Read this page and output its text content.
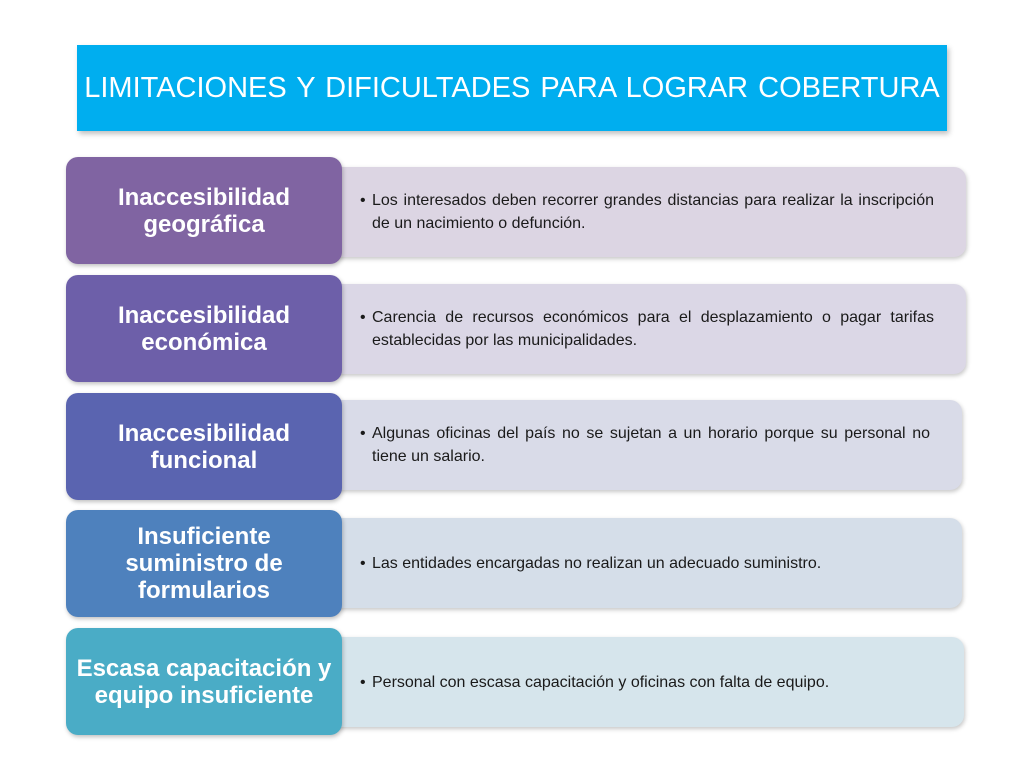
LIMITACIONES Y DIFICULTADES PARA LOGRAR COBERTURA
• Los interesados deben recorrer grandes distancias para realizar la inscripción de un nacimiento o defunción.
Inaccesibilidad geográfica
• Carencia de recursos económicos para el desplazamiento o pagar tarifas establecidas por las municipalidades.
Inaccesibilidad económica
• Algunas oficinas del país no se sujetan a un horario porque su personal no tiene un salario.
Inaccesibilidad funcional
• Las entidades encargadas no realizan un adecuado suministro.
Insuficiente suministro de formularios
• Personal con escasa capacitación y oficinas con falta de equipo.
Escasa capacitación y equipo insuficiente
